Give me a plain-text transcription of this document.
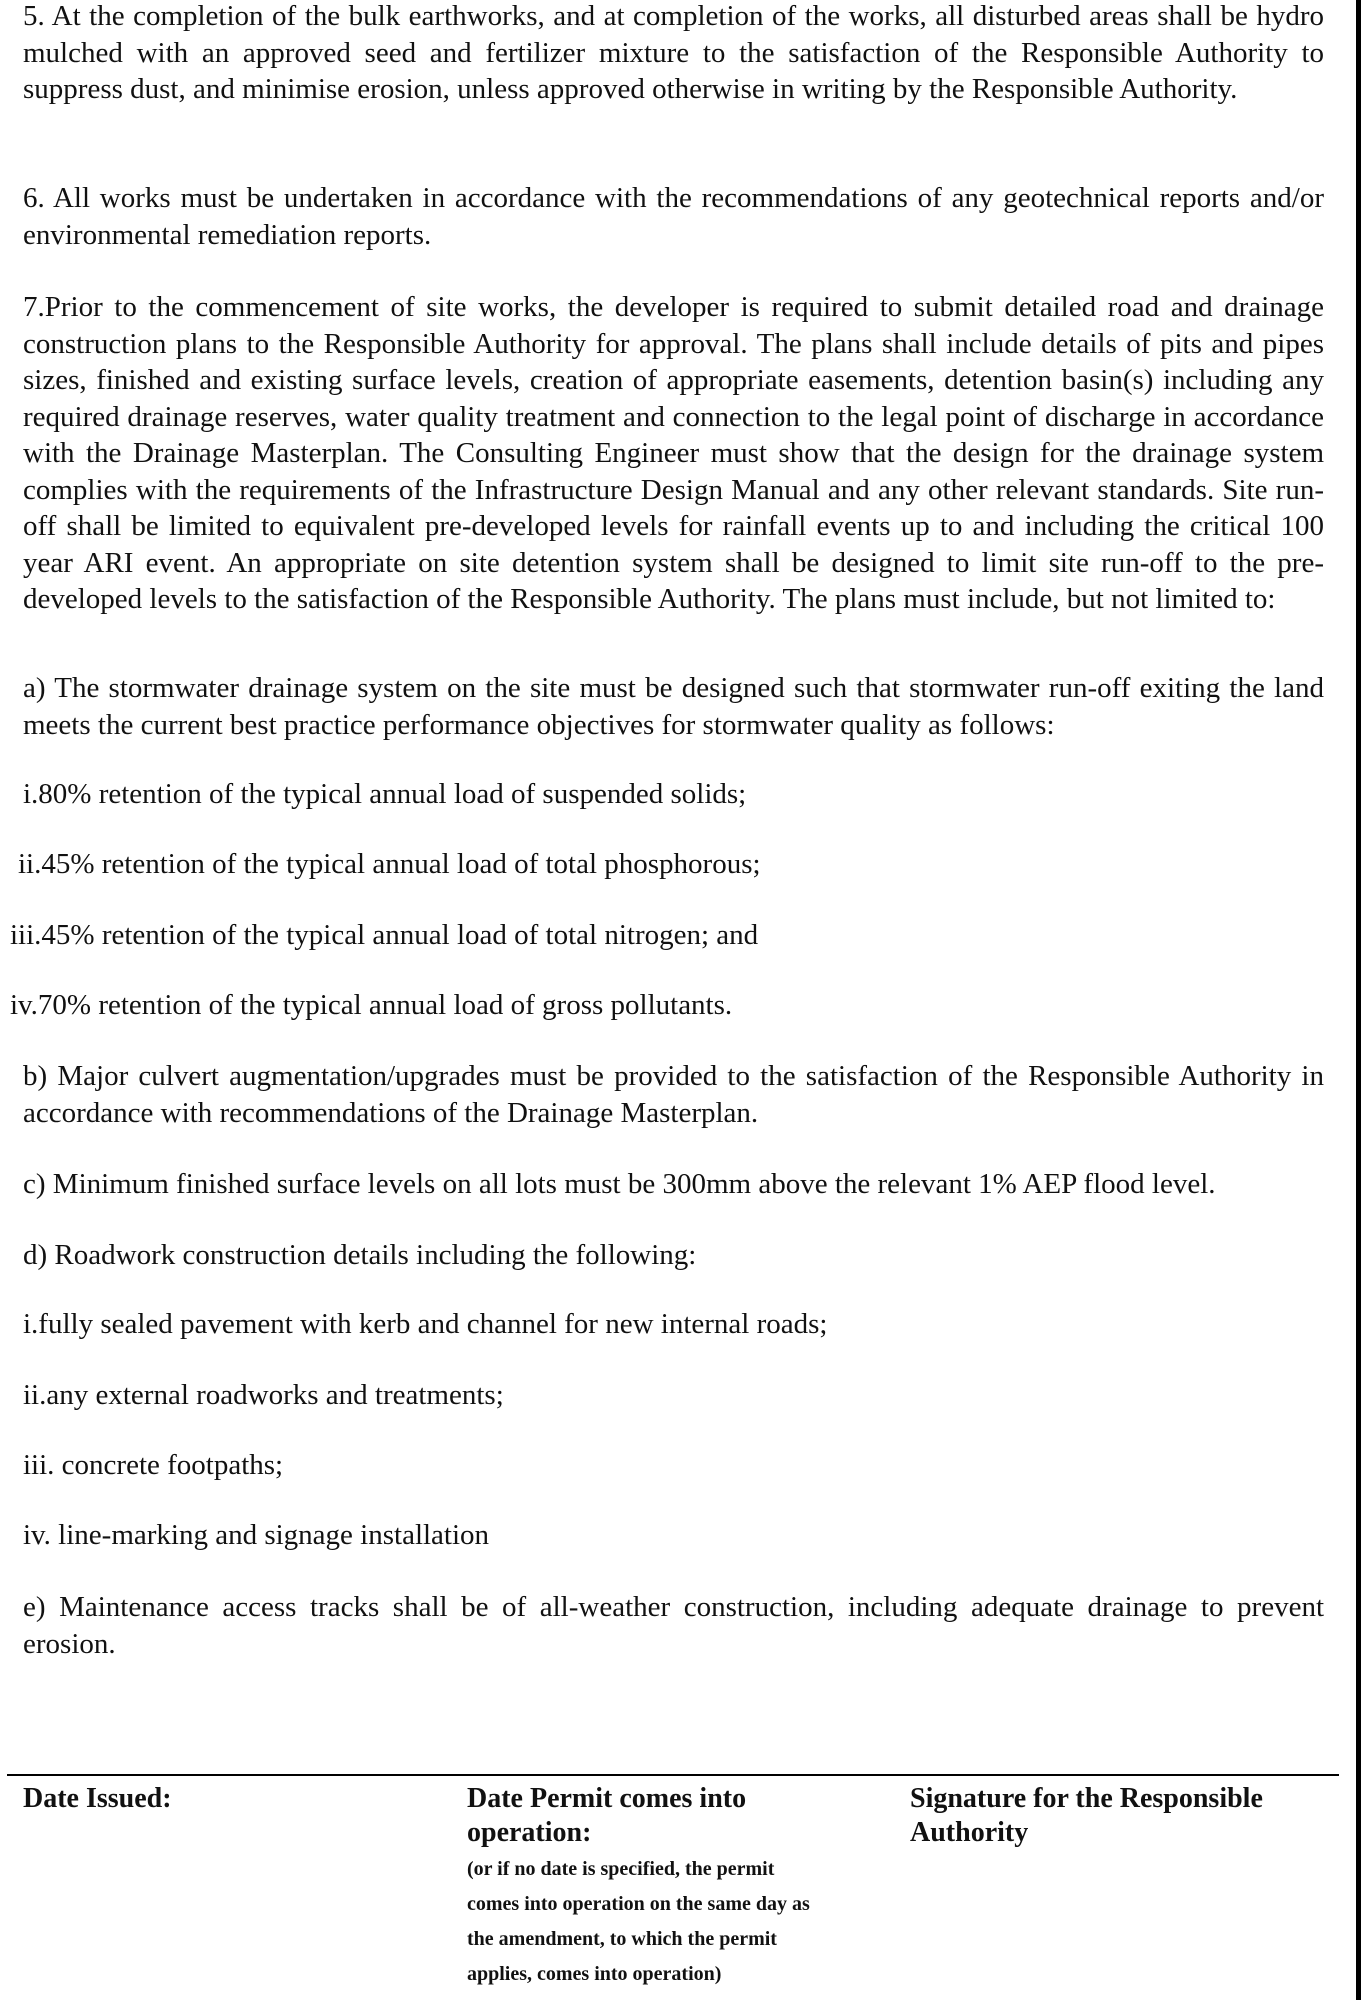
5. At the completion of the bulk earthworks, and at completion of the works, all disturbed areas shall be hydro mulched with an approved seed and fertilizer mixture to the satisfaction of the Responsible Authority to suppress dust, and minimise erosion, unless approved otherwise in writing by the Responsible Authority.

6. All works must be undertaken in accordance with the recommendations of any geotechnical reports and/or environmental remediation reports.

7.Prior to the commencement of site works, the developer is required to submit detailed road and drainage construction plans to the Responsible Authority for approval. The plans shall include details of pits and pipes sizes, finished and existing surface levels, creation of appropriate easements, detention basin(s) including any required drainage reserves, water quality treatment and connection to the legal point of discharge in accordance with the Drainage Masterplan. The Consulting Engineer must show that the design for the drainage system complies with the requirements of the Infrastructure Design Manual and any other relevant standards. Site run-off shall be limited to equivalent pre-developed levels for rainfall events up to and including the critical 100 year ARI event. An appropriate on site detention system shall be designed to limit site run-off to the pre-developed levels to the satisfaction of the Responsible Authority. The plans must include, but not limited to:

a) The stormwater drainage system on the site must be designed such that stormwater run-off exiting the land meets the current best practice performance objectives for stormwater quality as follows:

i.80% retention of the typical annual load of suspended solids;

ii.45% retention of the typical annual load of total phosphorous;

iii.45% retention of the typical annual load of total nitrogen; and

iv.70% retention of the typical annual load of gross pollutants.

b) Major culvert augmentation/upgrades must be provided to the satisfaction of the Responsible Authority in accordance with recommendations of the Drainage Masterplan.

c) Minimum finished surface levels on all lots must be 300mm above the relevant 1% AEP flood level.

d) Roadwork construction details including the following:

i.fully sealed pavement with kerb and channel for new internal roads;

ii.any external roadworks and treatments;

iii. concrete footpaths;

iv. line-marking and signage installation

e) Maintenance access tracks shall be of all-weather construction, including adequate drainage to prevent erosion.

Date Issued:	Date Permit comes into
operation:
(or if no date is specified, the permit
comes into operation on the same day as
the amendment, to which the permit
applies, comes into operation)
Signature for the Responsible
Authority
